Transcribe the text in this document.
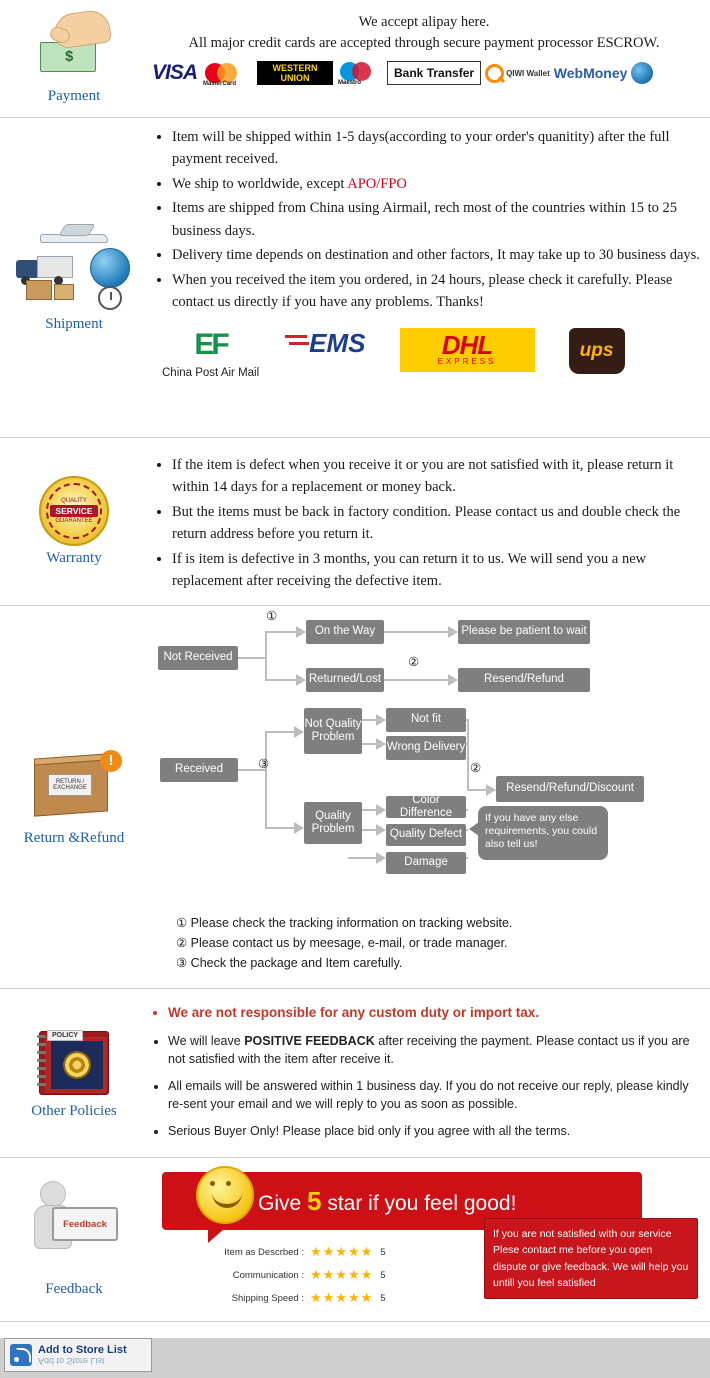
$
Payment
We accept alipay here.
All major credit cards are accepted through secure payment processor ESCROW.
VISA MasterCard
WESTERN UNION	Maestro
Bank Transfer	QIWI Wallet WebMoney
Shipment
• Item will be shipped within 1-5 days(according to your order's quanitity) after the full payment received.
• We ship to worldwide, except APO/FPO
• Items are shipped from China using Airmail, rech most of the countries within 15 to 25 business days.
• Delivery time depends on destination and other factors, It may take up to 30 business days.
• When you received the item you ordered, in 24 hours, please check it carefully. Please contact us directly if you have any problems. Thanks!
EF
China Post Air Mail
EMS	DHL
EXPRESS
ups
QUALITY
SERVICE
GUARANTEE
Warranty
• If the item is defect when you receive it or you are not satisfied with it, please return it within 14 days for a replacement or money back.
• But the items must be back in factory condition. Please contact us and double check the return address before you return it.
• If is item is defective in 3 months, you can return it to us. We will send you a new replacement after receiving the defective item.
RETURN / EXCHANGE
!
Return &Refund
Not Received
On the Way
Returned/Lost
Please be patient to wait
Resend/Refund
Received
Not Quality Problem
Quality Problem
Not fit
Wrong Delivery
Color Difference
Quality Defect
Damage
Resend/Refund/Discount
If you have any else requirements, you could also tell us!
①
②
③	②
① Please check the tracking information on tracking website.
② Please contact us by meesage, e-mail, or trade manager.
③ Check the package and Item carefully.
POLICY
Other Policies
• We are not responsible for any custom duty or import tax.
• We will leave POSITIVE FEEDBACK after receiving the payment. Please contact us if you are not satisfied with the item after receive it.
• All emails will be answered within 1 business day. If you do not receive our reply, please kindly re-sent your email and we will reply to you as soon as possible.
• Serious Buyer Only! Please place bid only if you agree with all the terms.
Feedback
Feedback
Give 5 star if you feel good!
Item as Descrbed : ★★★★★ 5
Communication : ★★★★★ 5
Shipping Speed : ★★★★★ 5
If you are not satisfied with our service Plese contact me before you open dispute or give feedback. We will help you untill you feel satisfied
Add to Store List
Add to Store List
